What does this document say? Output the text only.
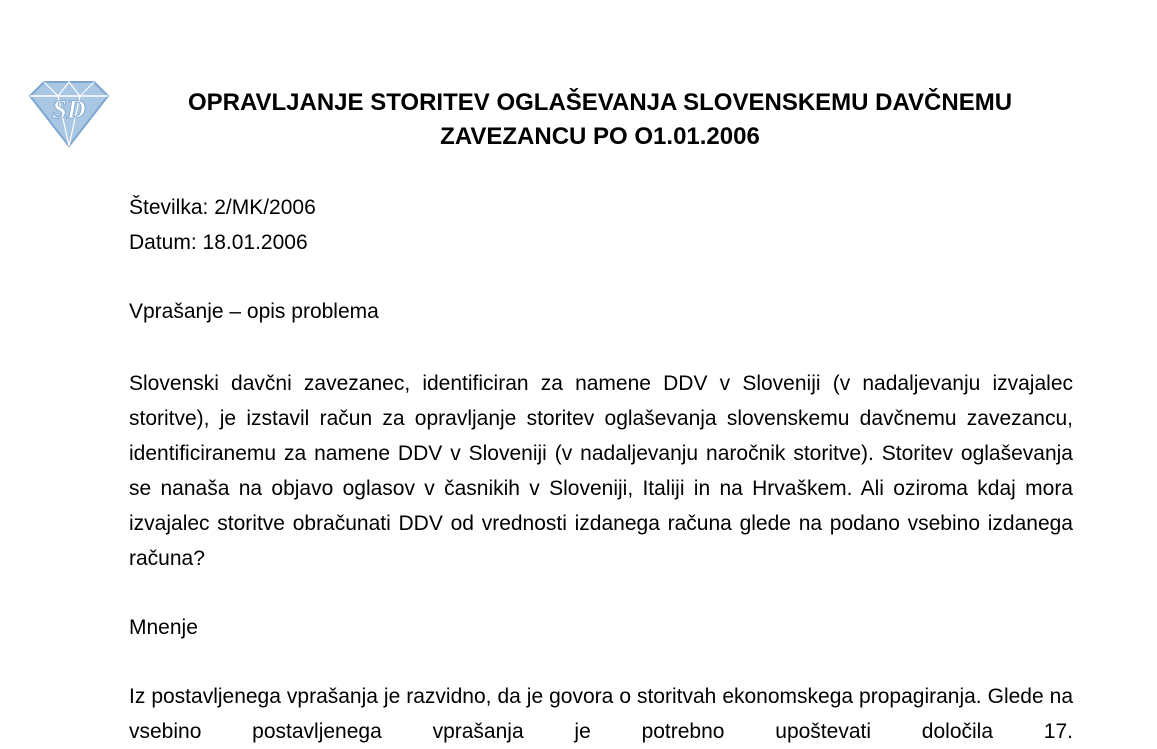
SD	OPRAVLJANJE STORITEV OGLAŠEVANJA SLOVENSKEMU DAVČNEMU
ZAVEZANCU PO O1.01.2006

Številka: 2/MK/2006

Datum: 18.01.2006

Vprašanje – opis problema

Slovenski davčni zavezanec, identificiran za namene DDV v Sloveniji (v nadaljevanju izvajalec storitve), je izstavil račun za opravljanje storitev oglaševanja slovenskemu davčnemu zavezancu, identificiranemu za namene DDV v Sloveniji (v nadaljevanju naročnik storitve). Storitev oglaševanja se nanaša na objavo oglasov v časnikih v Sloveniji, Italiji in na Hrvaškem. Ali oziroma kdaj mora izvajalec storitve obračunati DDV od vrednosti izdanega računa glede na podano vsebino izdanega računa?

Mnenje

Iz postavljenega vprašanja je razvidno, da je govora o storitvah ekonomskega propagiranja. Glede na vsebino postavljenega vprašanja je potrebno upoštevati določila 17.
